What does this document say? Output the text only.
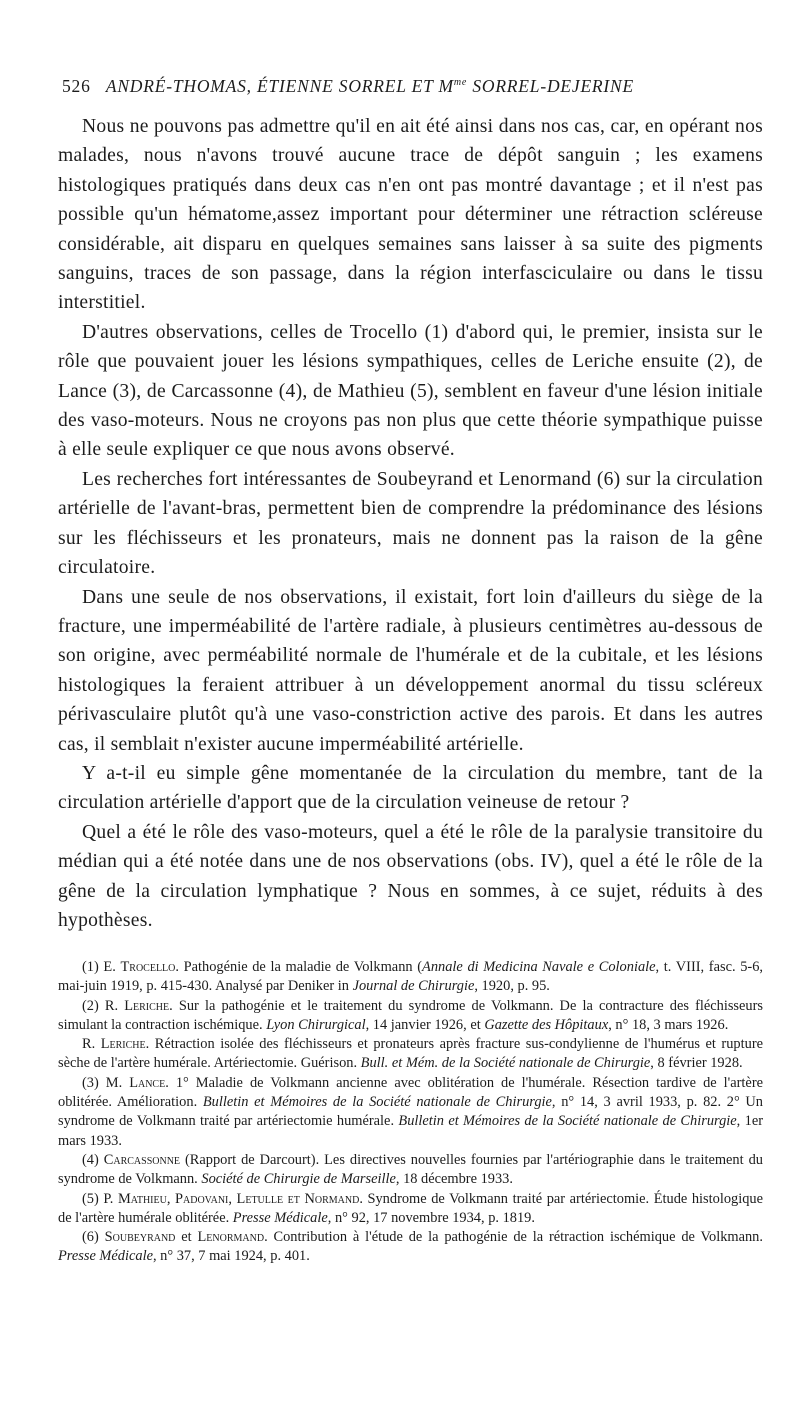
526 ANDRÉ-THOMAS, ÉTIENNE SORREL ET $M^{me}$ SORREL-DEJERINE

Nous ne pouvons pas admettre qu'il en ait été ainsi dans nos cas, car, en opérant nos malades, nous n'avons trouvé aucune trace de dépôt sanguin ; les examens histologiques pratiqués dans deux cas n'en ont pas montré davantage ; et il n'est pas possible qu'un hématome,assez important pour déterminer une rétraction scléreuse considérable, ait disparu en quelques semaines sans laisser à sa suite des pigments sanguins, traces de son passage, dans la région interfasciculaire ou dans le tissu interstitiel.

D'autres observations, celles de Trocello (1) d'abord qui, le premier, insista sur le rôle que pouvaient jouer les lésions sympathiques, celles de Leriche ensuite (2), de Lance (3), de Carcassonne (4), de Mathieu (5), semblent en faveur d'une lésion initiale des vaso-moteurs. Nous ne croyons pas non plus que cette théorie sympathique puisse à elle seule expliquer ce que nous avons observé.

Les recherches fort intéressantes de Soubeyrand et Lenormand (6) sur la circulation artérielle de l'avant-bras, permettent bien de comprendre la prédominance des lésions sur les fléchisseurs et les pronateurs, mais ne donnent pas la raison de la gêne circulatoire.

Dans une seule de nos observations, il existait, fort loin d'ailleurs du siège de la fracture, une imperméabilité de l'artère radiale, à plusieurs centimètres au-dessous de son origine, avec perméabilité normale de l'humérale et de la cubitale, et les lésions histologiques la feraient attribuer à un développement anormal du tissu scléreux périvasculaire plutôt qu'à une vaso-constriction active des parois. Et dans les autres cas, il semblait n'exister aucune imperméabilité artérielle.

Y a-t-il eu simple gêne momentanée de la circulation du membre, tant de la circulation artérielle d'apport que de la circulation veineuse de retour ?

Quel a été le rôle des vaso-moteurs, quel a été le rôle de la paralysie transitoire du médian qui a été notée dans une de nos observations (obs. IV), quel a été le rôle de la gêne de la circulation lymphatique ? Nous en sommes, à ce sujet, réduits à des hypothèses.

(1) E. Trocello. Pathogénie de la maladie de Volkmann (Annale di Medicina Navale e Coloniale, t. VIII, fasc. 5-6, mai-juin 1919, p. 415-430. Analysé par Deniker in Journal de Chirurgie, 1920, p. 95.

(2) R. Leriche. Sur la pathogénie et le traitement du syndrome de Volkmann. De la contracture des fléchisseurs simulant la contraction ischémique. Lyon Chirurgical, 14 janvier 1926, et Gazette des Hôpitaux, n° 18, 3 mars 1926.

R. Leriche. Rétraction isolée des fléchisseurs et pronateurs après fracture sus-condylienne de l'humérus et rupture sèche de l'artère humérale. Artériectomie. Guérison. Bull. et Mém. de la Société nationale de Chirurgie, 8 février 1928.

(3) M. Lance. 1° Maladie de Volkmann ancienne avec oblitération de l'humérale. Résection tardive de l'artère oblitérée. Amélioration. Bulletin et Mémoires de la Société nationale de Chirurgie, n° 14, 3 avril 1933, p. 82. 2° Un syndrome de Volkmann traité par artériectomie humérale. Bulletin et Mémoires de la Société nationale de Chirurgie, 1er mars 1933.

(4) Carcassonne (Rapport de Darcourt). Les directives nouvelles fournies par l'artériographie dans le traitement du syndrome de Volkmann. Société de Chirurgie de Marseille, 18 décembre 1933.

(5) P. Mathieu, Padovani, Letulle et Normand. Syndrome de Volkmann traité par artériectomie. Étude histologique de l'artère humérale oblitérée. Presse Médicale, n° 92, 17 novembre 1934, p. 1819.

(6) Soubeyrand et Lenormand. Contribution à l'étude de la pathogénie de la rétraction ischémique de Volkmann. Presse Médicale, n° 37, 7 mai 1924, p. 401.
